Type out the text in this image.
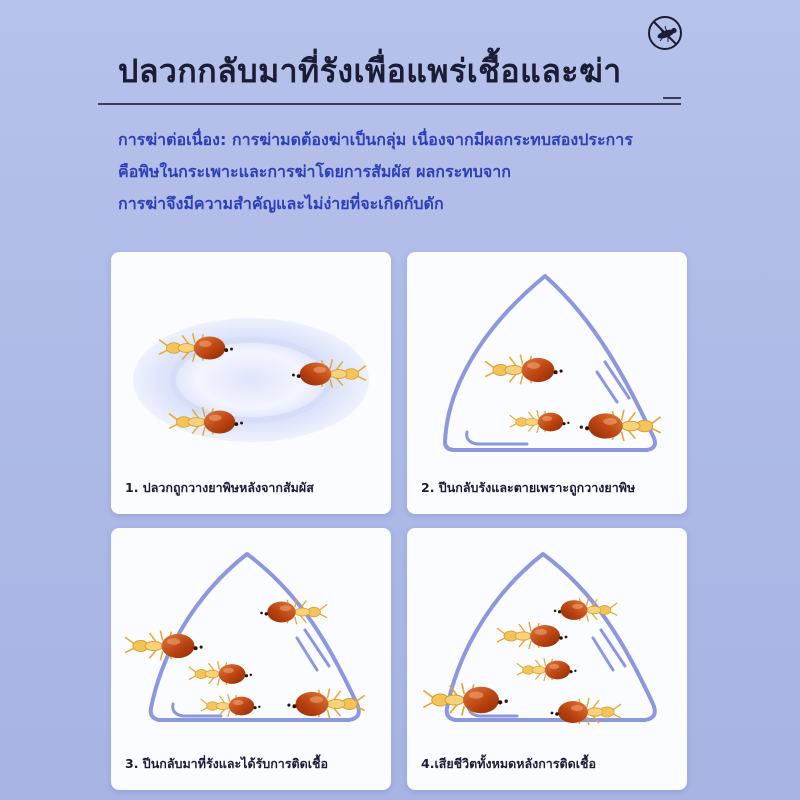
ปลวกกลับมาที่รังเพื่อแพร่เชื้อและฆ่า
การฆ่าต่อเนื่อง: การฆ่ามดต้องฆ่าเป็นกลุ่ม เนื่องจากมีผลกระทบสองประการ
คือพิษในกระเพาะและการฆ่าโดยการสัมผัส ผลกระทบจาก
การฆ่าจึงมีความสำคัญและไม่ง่ายที่จะเกิดกับดัก
1. ปลวกถูกวางยาพิษหลังจากสัมผัส	2. ปีนกลับรังและตายเพราะถูกวางยาพิษ
3. ปีนกลับมาที่รังและได้รับการติดเชื้อ	4.เสียชีวิตทั้งหมดหลังการติดเชื้อ
